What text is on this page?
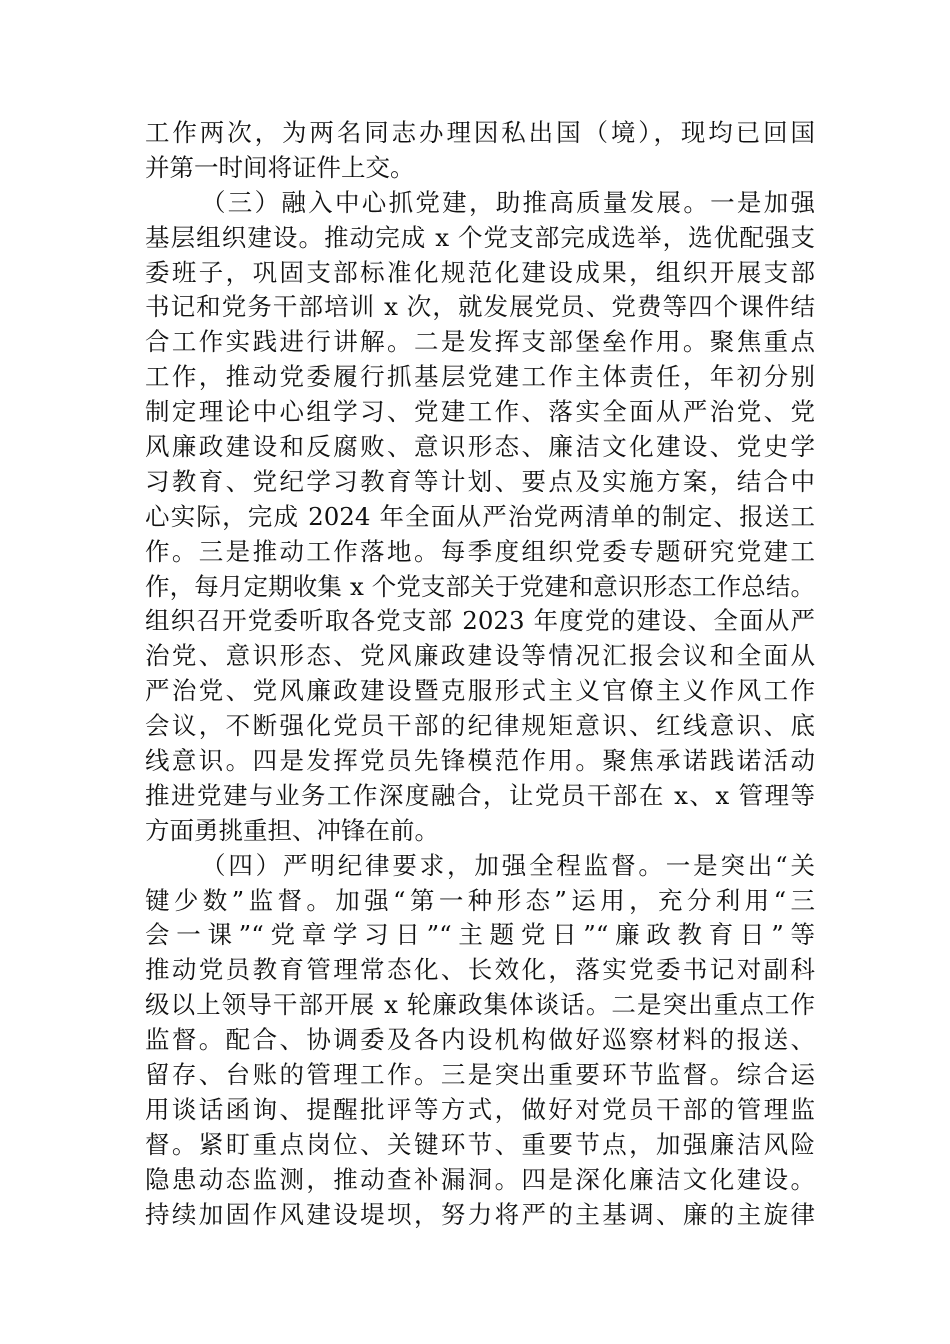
工作两次，为两名同志办理因私出国（境），现均已回国
并第一时间将证件上交。
（三）融入中心抓党建，助推高质量发展。一是加强
基层组织建设。推动完成 x 个党支部完成选举，选优配强支
委班子，巩固支部标准化规范化建设成果，组织开展支部
书记和党务干部培训 x 次，就发展党员、党费等四个课件结
合工作实践进行讲解。二是发挥支部堡垒作用。聚焦重点
工作，推动党委履行抓基层党建工作主体责任，年初分别
制定理论中心组学习、党建工作、落实全面从严治党、党
风廉政建设和反腐败、意识形态、廉洁文化建设、党史学
习教育、党纪学习教育等计划、要点及实施方案，结合中
心实际，完成 2024 年全面从严治党两清单的制定、报送工
作。三是推动工作落地。每季度组织党委专题研究党建工
作，每月定期收集 x 个党支部关于党建和意识形态工作总结。
组织召开党委听取各党支部 2023 年度党的建设、全面从严
治党、意识形态、党风廉政建设等情况汇报会议和全面从
严治党、党风廉政建设暨克服形式主义官僚主义作风工作
会议，不断强化党员干部的纪律规矩意识、红线意识、底
线意识。四是发挥党员先锋模范作用。聚焦承诺践诺活动
推进党建与业务工作深度融合，让党员干部在 x、x 管理等
方面勇挑重担、冲锋在前。
（四）严明纪律要求，加强全程监督。一是突出“关
键少数”监督。加强“第一种形态”运用，充分利用“三
会一课”“党章学习日”“主题党日”“廉政教育日”等
推动党员教育管理常态化、长效化，落实党委书记对副科
级以上领导干部开展 x 轮廉政集体谈话。二是突出重点工作
监督。配合、协调委及各内设机构做好巡察材料的报送、
留存、台账的管理工作。三是突出重要环节监督。综合运
用谈话函询、提醒批评等方式，做好对党员干部的管理监
督。紧盯重点岗位、关键环节、重要节点，加强廉洁风险
隐患动态监测，推动查补漏洞。四是深化廉洁文化建设。
持续加固作风建设堤坝，努力将严的主基调、廉的主旋律
